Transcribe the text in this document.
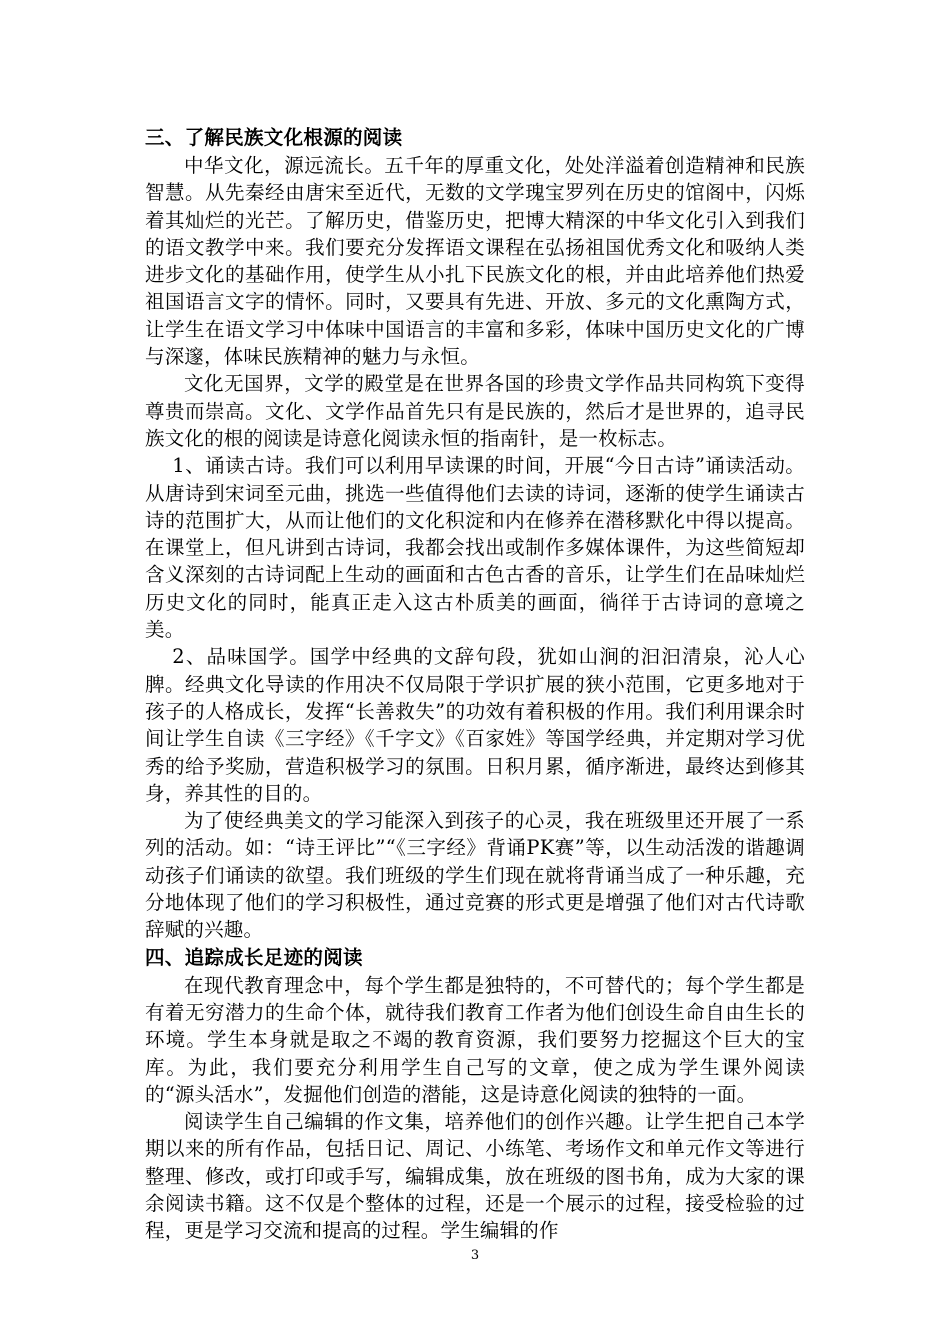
三、了解民族文化根源的阅读

中华文化，源远流长。五千年的厚重文化，处处洋溢着创造精神和民族智慧。从先秦经由唐宋至近代，无数的文学瑰宝罗列在历史的馆阁中，闪烁着其灿烂的光芒。了解历史，借鉴历史，把博大精深的中华文化引入到我们的语文教学中来。我们要充分发挥语文课程在弘扬祖国优秀文化和吸纳人类进步文化的基础作用，使学生从小扎下民族文化的根，并由此培养他们热爱祖国语言文字的情怀。同时，又要具有先进、开放、多元的文化熏陶方式，让学生在语文学习中体味中国语言的丰富和多彩，体味中国历史文化的广博与深邃，体味民族精神的魅力与永恒。

文化无国界，文学的殿堂是在世界各国的珍贵文学作品共同构筑下变得尊贵而崇高。文化、文学作品首先只有是民族的，然后才是世界的，追寻民族文化的根的阅读是诗意化阅读永恒的指南针，是一枚标志。

1、诵读古诗。我们可以利用早读课的时间，开展“今日古诗”诵读活动。从唐诗到宋词至元曲，挑选一些值得他们去读的诗词，逐渐的使学生诵读古诗的范围扩大，从而让他们的文化积淀和内在修养在潜移默化中得以提高。在课堂上，但凡讲到古诗词，我都会找出或制作多媒体课件，为这些简短却含义深刻的古诗词配上生动的画面和古色古香的音乐，让学生们在品味灿烂历史文化的同时，能真正走入这古朴质美的画面，徜徉于古诗词的意境之美。

2、品味国学。国学中经典的文辞句段，犹如山涧的汩汩清泉，沁人心脾。经典文化导读的作用决不仅局限于学识扩展的狭小范围，它更多地对于孩子的人格成长，发挥“长善救失”的功效有着积极的作用。我们利用课余时间让学生自读《三字经》《千字文》《百家姓》等国学经典，并定期对学习优秀的给予奖励，营造积极学习的氛围。日积月累，循序渐进，最终达到修其身，养其性的目的。

为了使经典美文的学习能深入到孩子的心灵，我在班级里还开展了一系列的活动。如：“诗王评比”“《三字经》背诵PK赛”等，以生动活泼的谐趣调动孩子们诵读的欲望。我们班级的学生们现在就将背诵当成了一种乐趣，充分地体现了他们的学习积极性，通过竞赛的形式更是增强了他们对古代诗歌辞赋的兴趣。

四、追踪成长足迹的阅读

在现代教育理念中，每个学生都是独特的，不可替代的；每个学生都是有着无穷潜力的生命个体，就待我们教育工作者为他们创设生命自由生长的环境。学生本身就是取之不竭的教育资源，我们要努力挖掘这个巨大的宝库。为此，我们要充分利用学生自己写的文章，使之成为学生课外阅读的“源头活水”，发掘他们创造的潜能，这是诗意化阅读的独特的一面。

阅读学生自己编辑的作文集，培养他们的创作兴趣。让学生把自己本学期以来的所有作品，包括日记、周记、小练笔、考场作文和单元作文等进行整理、修改，或打印或手写，编辑成集，放在班级的图书角，成为大家的课余阅读书籍。这不仅是个整体的过程，还是一个展示的过程，接受检验的过程，更是学习交流和提高的过程。学生编辑的作

3
